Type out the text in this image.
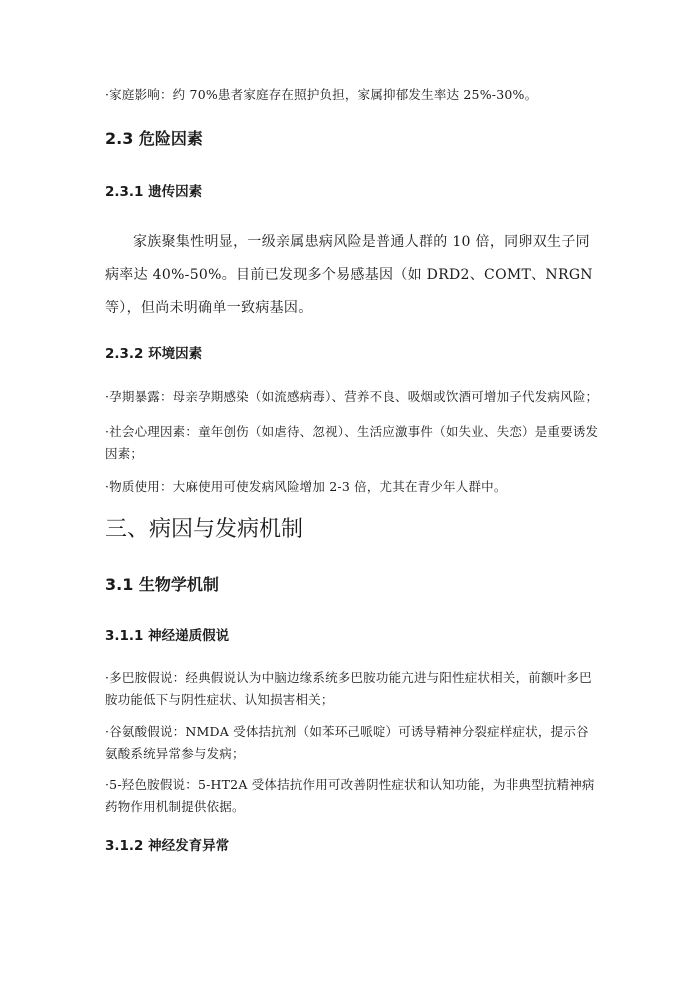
·家庭影响：约 70%患者家庭存在照护负担，家属抑郁发生率达 25%-30%。

2.3 危险因素
2.3.1 遗传因素

家族聚集性明显，一级亲属患病风险是普通人群的 10 倍，同卵双生子同病率达 40%-50%。目前已发现多个易感基因（如 DRD2、COMT、NRGN 等），但尚未明确单一致病基因。

2.3.2 环境因素

·孕期暴露：母亲孕期感染（如流感病毒）、营养不良、吸烟或饮酒可增加子代发病风险；

·社会心理因素：童年创伤（如虐待、忽视）、生活应激事件（如失业、失恋）是重要诱发因素；

·物质使用：大麻使用可使发病风险增加 2-3 倍，尤其在青少年人群中。

三、病因与发病机制
3.1 生物学机制
3.1.1 神经递质假说

·多巴胺假说：经典假说认为中脑边缘系统多巴胺功能亢进与阳性症状相关，前额叶多巴胺功能低下与阴性症状、认知损害相关；

·谷氨酸假说：NMDA 受体拮抗剂（如苯环己哌啶）可诱导精神分裂症样症状，提示谷氨酸系统异常参与发病；

·5-羟色胺假说：5-HT2A 受体拮抗作用可改善阴性症状和认知功能，为非典型抗精神病药物作用机制提供依据。

3.1.2 神经发育异常
